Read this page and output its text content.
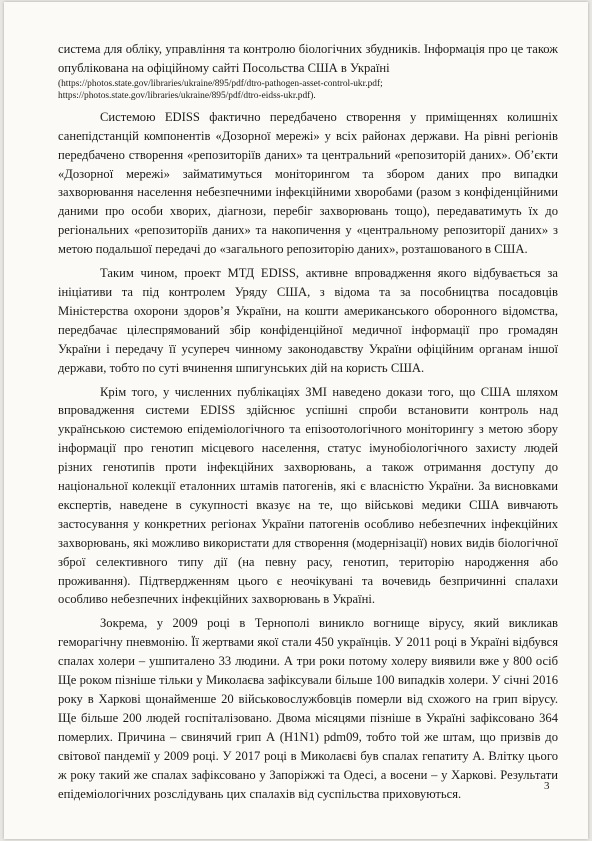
система для обліку, управління та контролю біологічних збудників. Інформація про це також опублікована на офіційному сайті Посольства США в Україні

(https://photos.state.gov/libraries/ukraine/895/pdf/dtro-pathogen-asset-control-ukr.pdf;
https://photos.state.gov/libraries/ukraine/895/pdf/dtro-eidss-ukr.pdf).

Системою EDISS фактично передбачено створення у приміщеннях колишніх санепідстанцій компонентів «Дозорної мережі» у всіх районах держави. На рівні регіонів передбачено створення «репозиторіїв даних» та центральний «репозиторій даних». Об’єкти «Дозорної мережі» займатимуться моніторингом та збором даних про випадки захворювання населення небезпечними інфекційними хворобами (разом з конфіденційними даними про особи хворих, діагнози, перебіг захворювань тощо), передаватимуть їх до регіональних «репозиторіїв даних» та накопичення у «центральному репозиторії даних» з метою подальшої передачі до «загального репозиторію даних», розташованого в США.

Таким чином, проект МТД EDISS, активне впровадження якого відбувається за ініціативи та під контролем Уряду США, з відома та за пособництва посадовців Міністерства охорони здоров’я України, на кошти американського оборонного відомства, передбачає цілеспрямований збір конфіденційної медичної інформації про громадян України і передачу її усупереч чинному законодавству України офіційним органам іншої держави, тобто по суті вчинення шпигунських дій на користь США.

Крім того, у численних публікаціях ЗМІ наведено докази того, що США шляхом впровадження системи EDISS здійснює успішні спроби встановити контроль над українською системою епідеміологічного та епізоотологічного моніторингу з метою збору інформації про генотип місцевого населення, статус імунобіологічного захисту людей різних генотипів проти інфекційних захворювань, а також отримання доступу до національної колекції еталонних штамів патогенів, які є власністю України. За висновками експертів, наведене в сукупності вказує на те, що військові медики США вивчають застосування у конкретних регіонах України патогенів особливо небезпечних інфекційних захворювань, які можливо використати для створення (модернізації) нових видів біологічної зброї селективного типу дії (на певну расу, генотип, територію народження або проживання). Підтвердженням цього є неочікувані та вочевидь безпричинні спалахи особливо небезпечних інфекційних захворювань в Україні.

Зокрема, у 2009 році в Тернополі виникло вогнище вірусу, який викликав геморагічну пневмонію. Її жертвами якої стали 450 українців. У 2011 році в Україні відбувся спалах холери – ушпиталено 33 людини. А три роки потому холеру виявили вже у 800 осіб Ще роком пізніше тільки у Миколаєва зафіксували більше 100 випадків холери. У січні 2016 року в Харкові щонайменше 20 військовослужбовців померли від схожого на грип вірусу. Ще більше 200 людей госпіталізовано. Двома місяцями пізніше в Україні зафіксовано 364 померлих. Причина – свинячий грип А (H1N1) pdm09, тобто той же штам, що призвів до світової пандемії у 2009 році. У 2017 році в Миколаєві був спалах гепатиту А. Влітку цього ж року такий же спалах зафіксовано у Запоріжжі та Одесі, а восени – у Харкові. Результати епідеміологічних розслідувань цих спалахів від суспільства приховуються.

3
